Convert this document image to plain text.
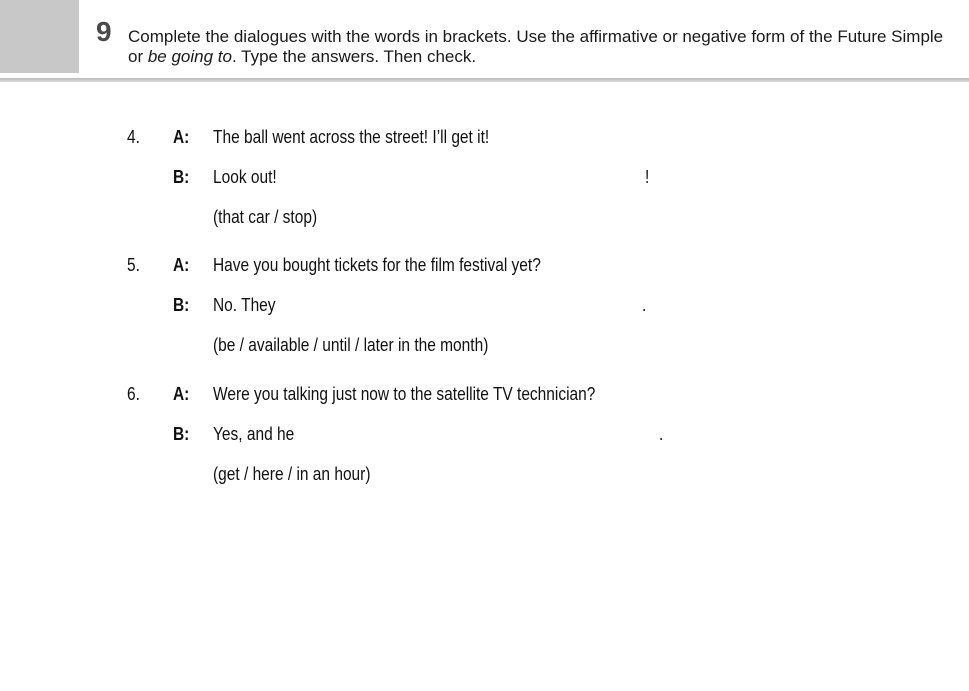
9 Complete the dialogues with the words in brackets. Use the affirmative or negative form of the Future Simple or be going to. Type the answers. Then check.
4. A: The ball went across the street! I’ll get it!
B: Look out!	!
(that car / stop)
5. A: Have you bought tickets for the film festival yet?
B: No. They	.
(be / available / until / later in the month)
6. A: Were you talking just now to the satellite TV technician?
B: Yes, and he	.
(get / here / in an hour)
